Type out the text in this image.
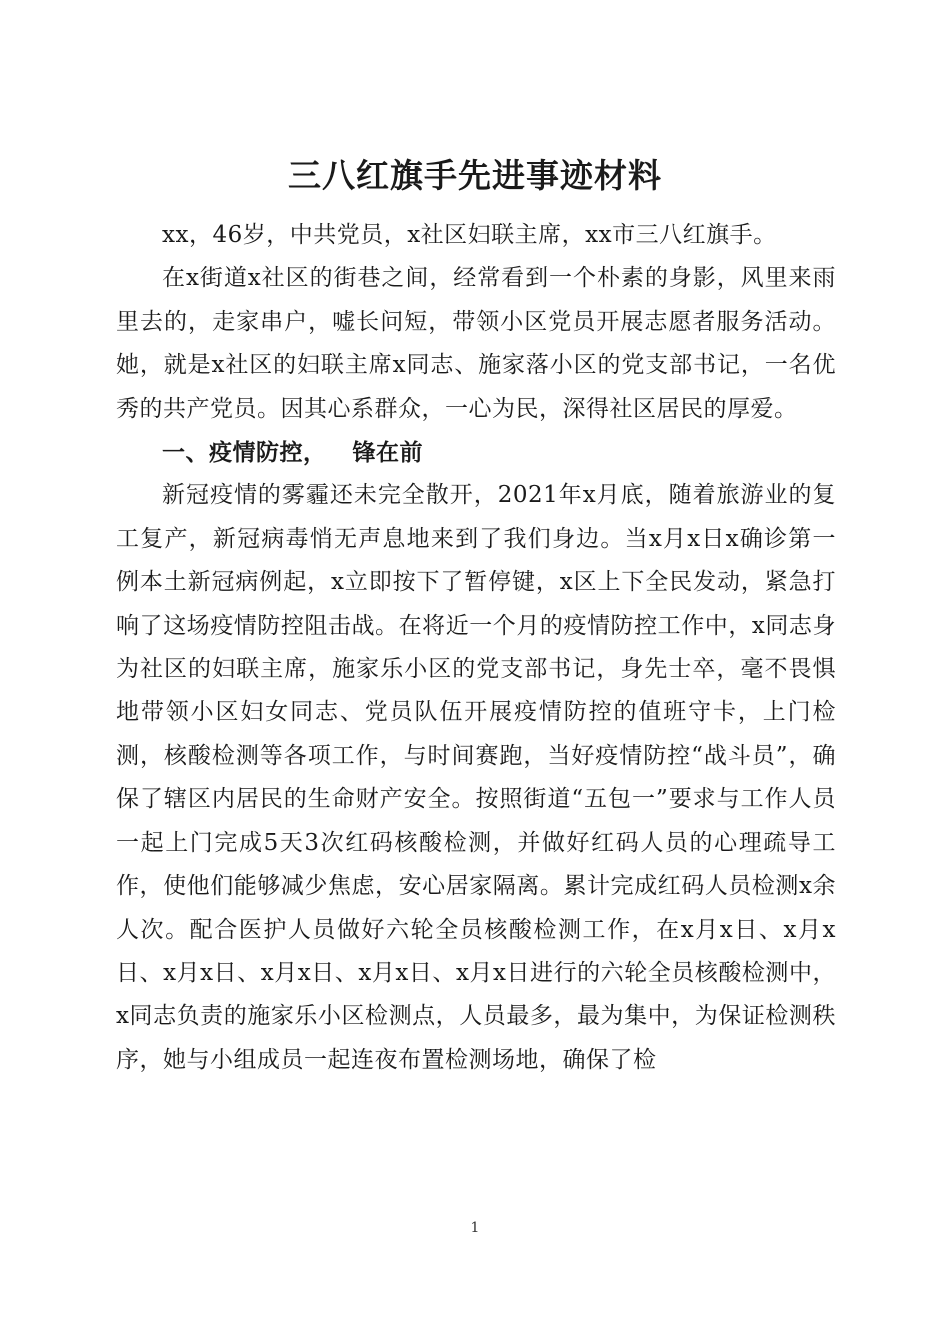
三八红旗手先进事迹材料

xx，46岁，中共党员，x社区妇联主席，xx市三八红旗手。

在x街道x社区的街巷之间，经常看到一个朴素的身影，风里来雨里去的，走家串户，嘘长问短，带领小区党员开展志愿者服务活动。她，就是x社区的妇联主席x同志、施家落小区的党支部书记，一名优秀的共产党员。因其心系群众，一心为民，深得社区居民的厚爱。

一、疫情防控， 锋在前

新冠疫情的雾霾还未完全散开，2021年x月底，随着旅游业的复工复产，新冠病毒悄无声息地来到了我们身边。当x月x日x确诊第一例本土新冠病例起，x立即按下了暂停键，x区上下全民发动，紧急打响了这场疫情防控阻击战。在将近一个月的疫情防控工作中，x同志身为社区的妇联主席，施家乐小区的党支部书记，身先士卒，毫不畏惧地带领小区妇女同志、党员队伍开展疫情防控的值班守卡，上门检测，核酸检测等各项工作，与时间赛跑，当好疫情防控“战斗员”，确保了辖区内居民的生命财产安全。按照街道“五包一”要求与工作人员一起上门完成5天3次红码核酸检测，并做好红码人员的心理疏导工作，使他们能够减少焦虑，安心居家隔离。累计完成红码人员检测x余人次。配合医护人员做好六轮全员核酸检测工作，在x月x日、x月x日、x月x日、x月x日、x月x日、x月x日进行的六轮全员核酸检测中，x同志负责的施家乐小区检测点，人员最多，最为集中，为保证检测秩序，她与小组成员一起连夜布置检测场地，确保了检

1
